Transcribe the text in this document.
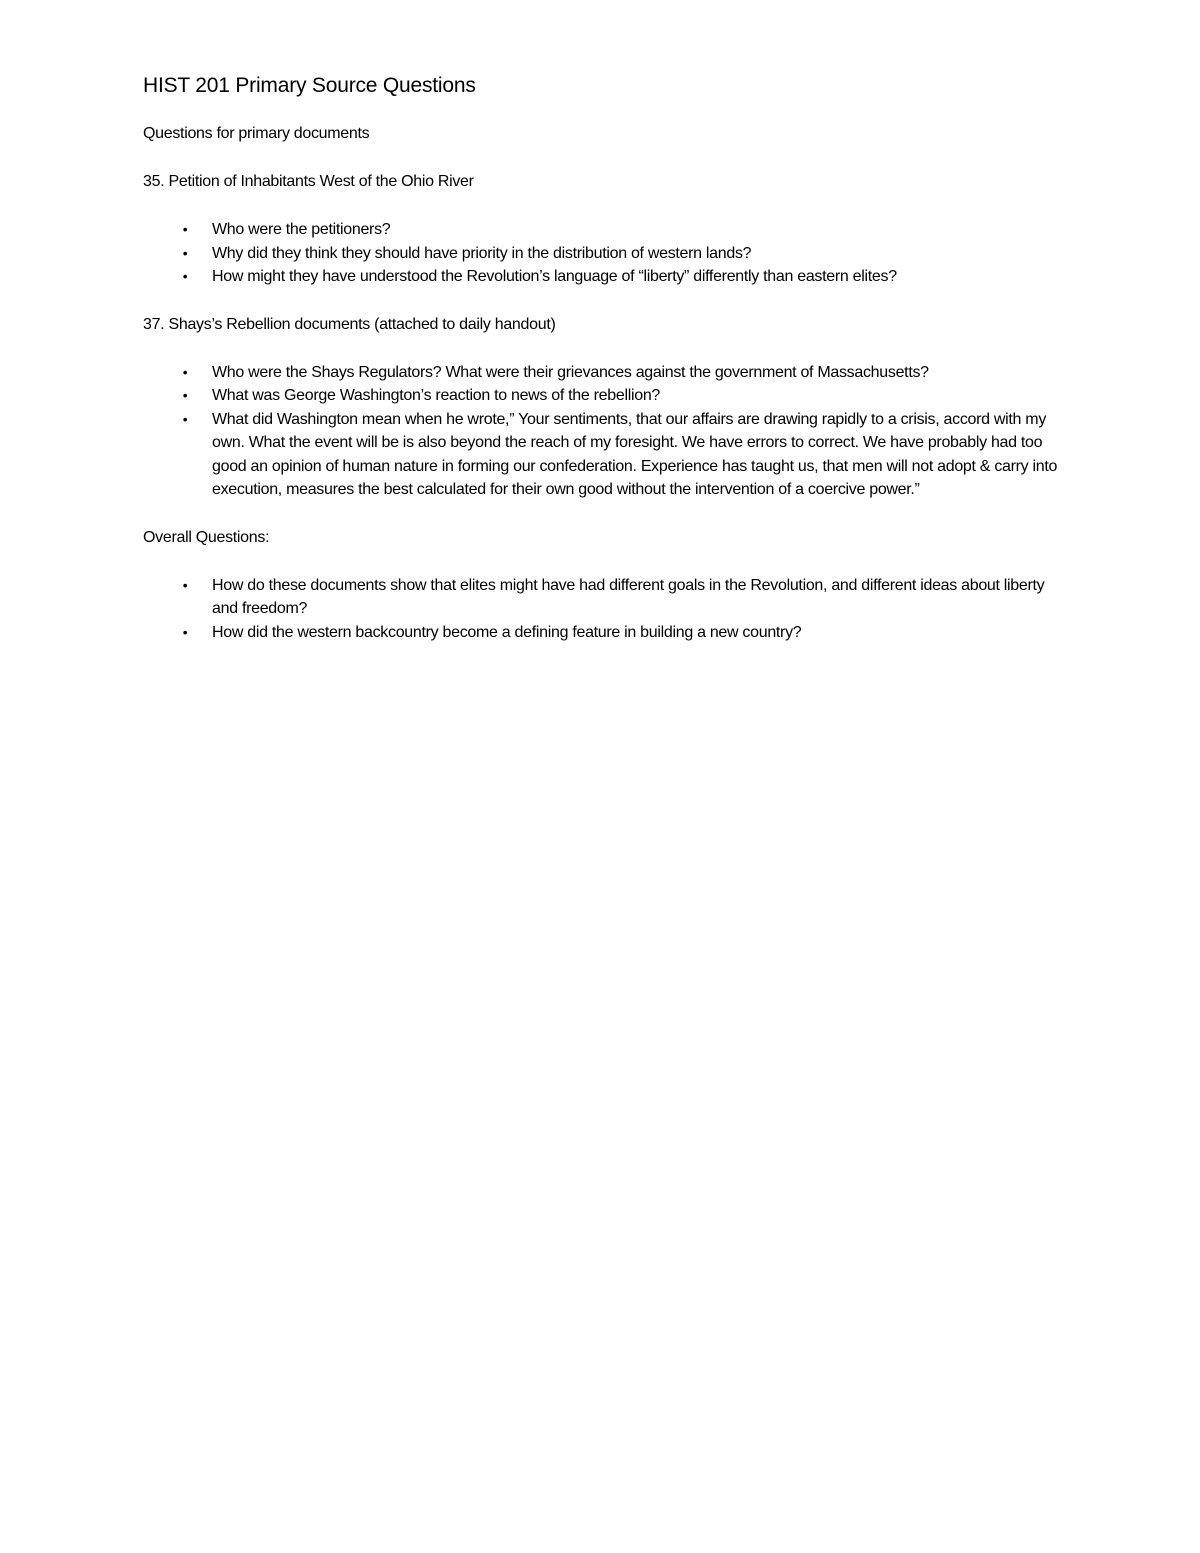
HIST 201 Primary Source Questions

Questions for primary documents

35. Petition of Inhabitants West of the Ohio River

•	Who were the petitioners?
•	Why did they think they should have priority in the distribution of western lands?
•	How might they have understood the Revolution’s language of “liberty” differently than eastern elites?

37. Shays’s Rebellion documents (attached to daily handout)

•	Who were the Shays Regulators? What were their grievances against the government of Massachusetts?
•	What was George Washington’s reaction to news of the rebellion?
•	What did Washington mean when he wrote,” Your sentiments, that our affairs are drawing rapidly to a crisis, accord with my own. What the event will be is also beyond the reach of my foresight. We have errors to correct. We have probably had too good an opinion of human nature in forming our confederation. Experience has taught us, that men will not adopt & carry into execution, measures the best calculated for their own good without the intervention of a coercive power.”

Overall Questions:

•	How do these documents show that elites might have had different goals in the Revolution, and different ideas about liberty and freedom?
•	How did the western backcountry become a defining feature in building a new country?
